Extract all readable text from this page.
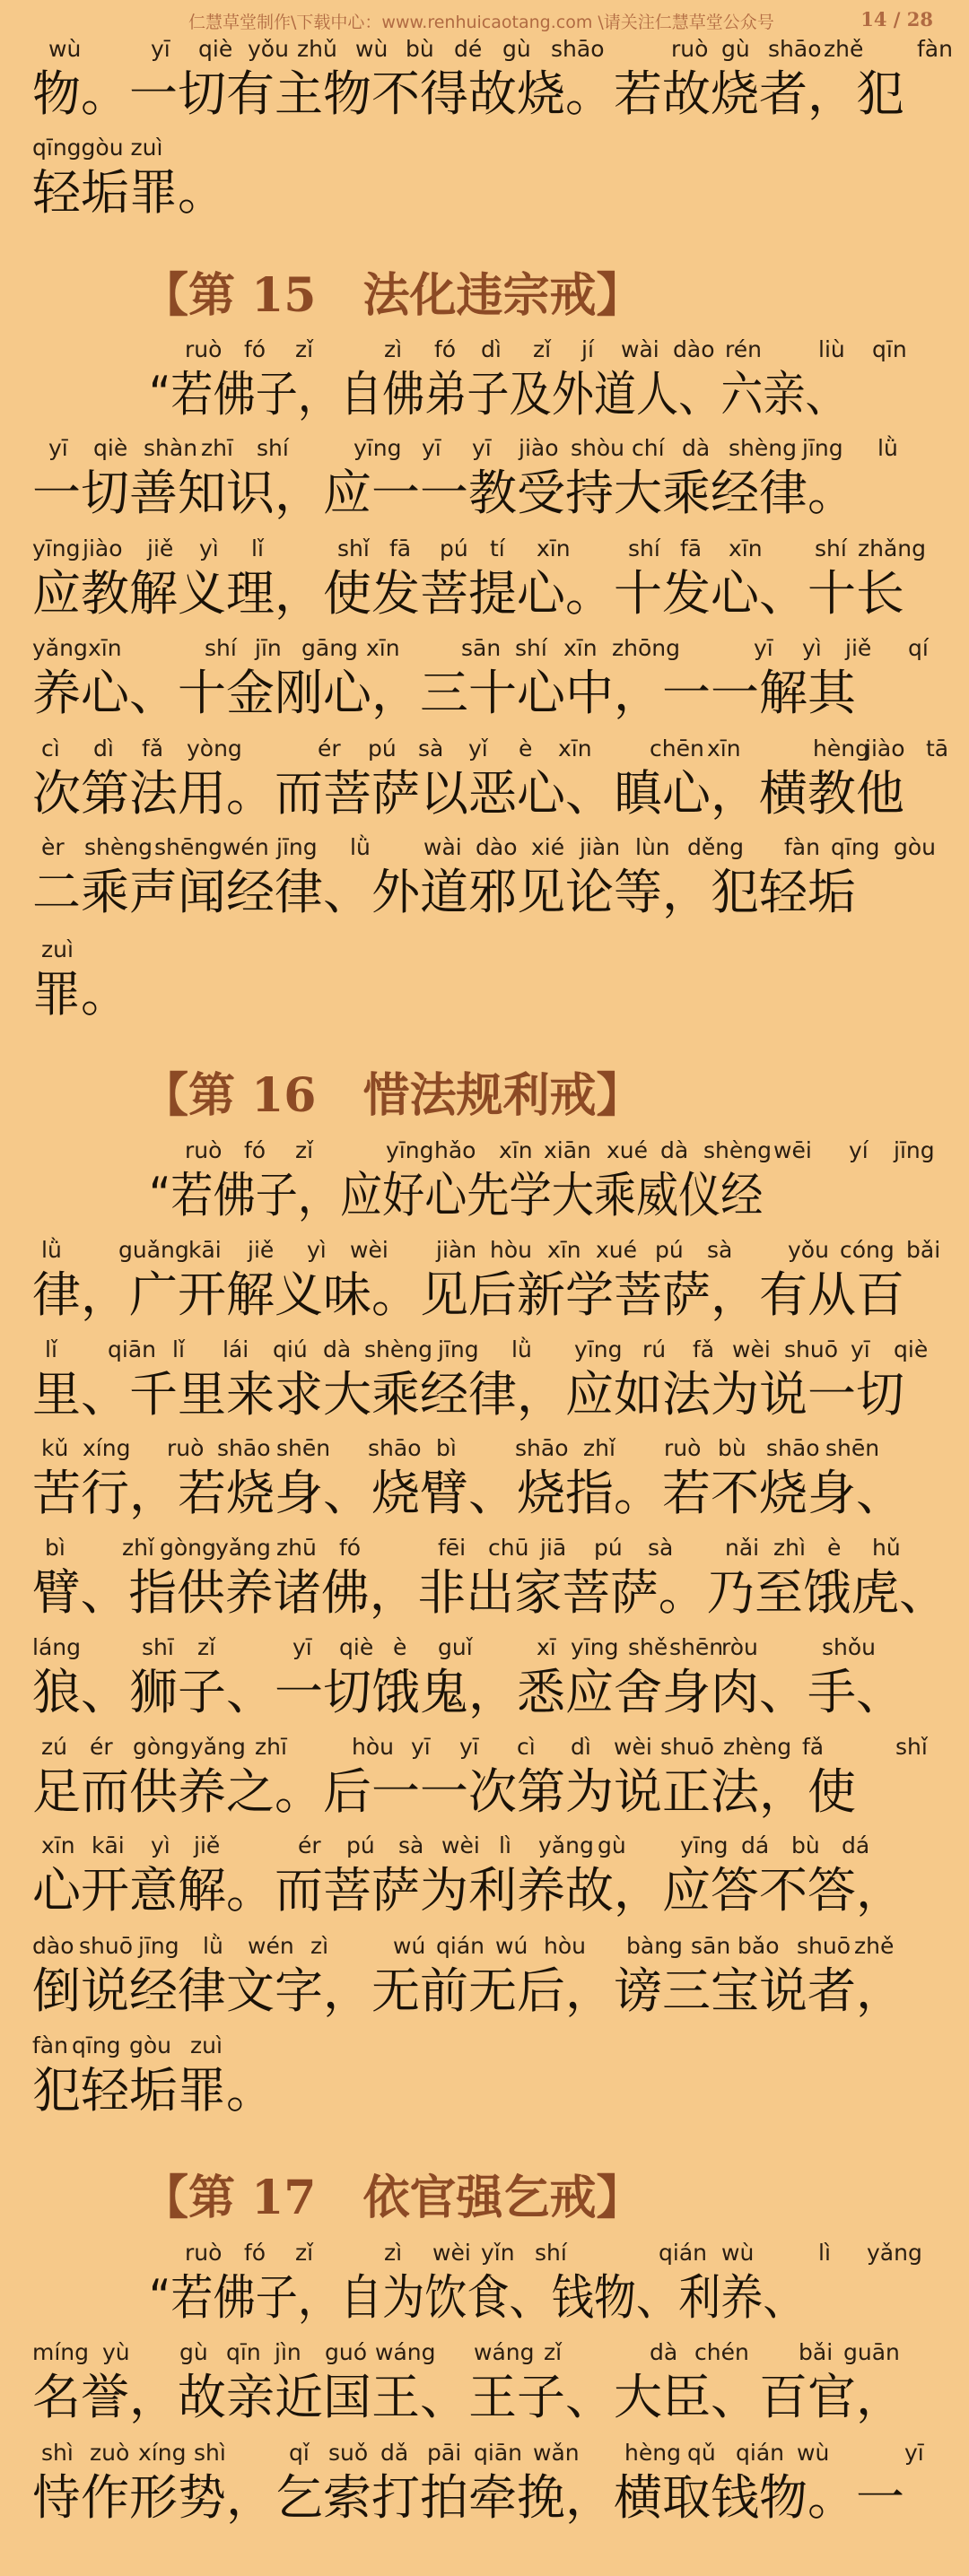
仁慧草堂制作\下载中心：www.renhuicaotang.com \请关注仁慧草堂公众号	14 / 28
【第 15　法化违宗戒】
【第 16　惜法规利戒】
【第 17　依官强乞戒】
wù	yī qiè yǒu zhǔ wù bù dé gù shāo	ruò gù shāo zhě fàn
物。一切有主物不得故烧。若故烧者，犯
qīnggòu zuì
轻垢罪。
ruò fó zǐ	zì fó dì zǐ jí wài dào rén	liù qīn
“若佛子，自佛弟子及外道人、六亲、
yī qiè shàn zhī shí	yīng yī yī jiào shòu chí dà shèng jīng lǜ
一切善知识，应一一教受持大乘经律。
yīng jiào jiě yì lǐ	shǐ fā pú tí xīn	shí fā xīn shí zhǎng
应教解义理，使发菩提心。十发心、十长
yǎng xīn	shí jīn gāng xīn	sān shí xīn zhōng	yī yì jiě qí
养心、十金刚心，三十心中，一一解其
cì dì fǎ yòng	ér pú sà yǐ è xīn	chēn xīn	hèng
jiào tā
次第法用。而菩萨以恶心、瞋心，横教他
èr shèng shēng wén jīng lǜ wài dào xié jiàn lùn děng fàn qīng gòu
二乘声闻经律、外道邪见论等，犯轻垢
zuì
罪。
ruò fó zǐ	yīng hǎo xīn xiān xué dà shèng wēi yí jīng
“若佛子，应好心先学大乘威仪经
lǜ	guǎng kāi jiě yì wèi jiàn hòu xīn xué pú sà yǒu cóng bǎi
律，广开解义味。见后新学菩萨，有从百
lǐ qiān lǐ lái qiú dà shèng jīng lǜ yīng rú fǎ wèi shuō yī qiè
里、千里来求大乘经律，应如法为说一切
kǔ xíng ruò shāo shēn shāo bì	shāo zhǐ ruò bù shāo shēn
苦行，若烧身、烧臂、烧指。若不烧身、
bì	zhǐ gòng yǎng zhū fó	fēi chū jiā pú sà nǎi zhì è hǔ
臂、指供养诸佛，非出家菩萨。乃至饿虎、
láng	shī zǐ	yī qiè è guǐ	xī yīng shě shēn
ròu	shǒu
狼、狮子、一切饿鬼，悉应舍身肉、手、
zú ér gòng yǎng zhī	hòu yī yī cì dì wèi shuō zhèng fǎ	shǐ
足而供养之。后一一次第为说正法，使
xīn kāi yì jiě	ér pú sà wèi lì yǎng gù yīng dá bù dá
心开意解。而菩萨为利养故，应答不答，
dào shuō jīng lǜ wén zì	wú qián wú hòu bàng sān bǎo shuō zhě
倒说经律文字，无前无后，谤三宝说者，
fàn qīng gòu zuì
犯轻垢罪。
ruò fó zǐ	zì wèi yǐn shí	qián wù	lì yǎng
“若佛子，自为饮食、钱物、利养、
míng yù gù qīn jìn guó wáng wáng zǐ	dà chén bǎi guān
名誉，故亲近国王、王子、大臣、百官，
shì zuò xíng shì	qǐ suǒ dǎ pāi qiān wǎn hèng qǔ qián wù	yī
恃作形势，乞索打拍牵挽，横取钱物。一
